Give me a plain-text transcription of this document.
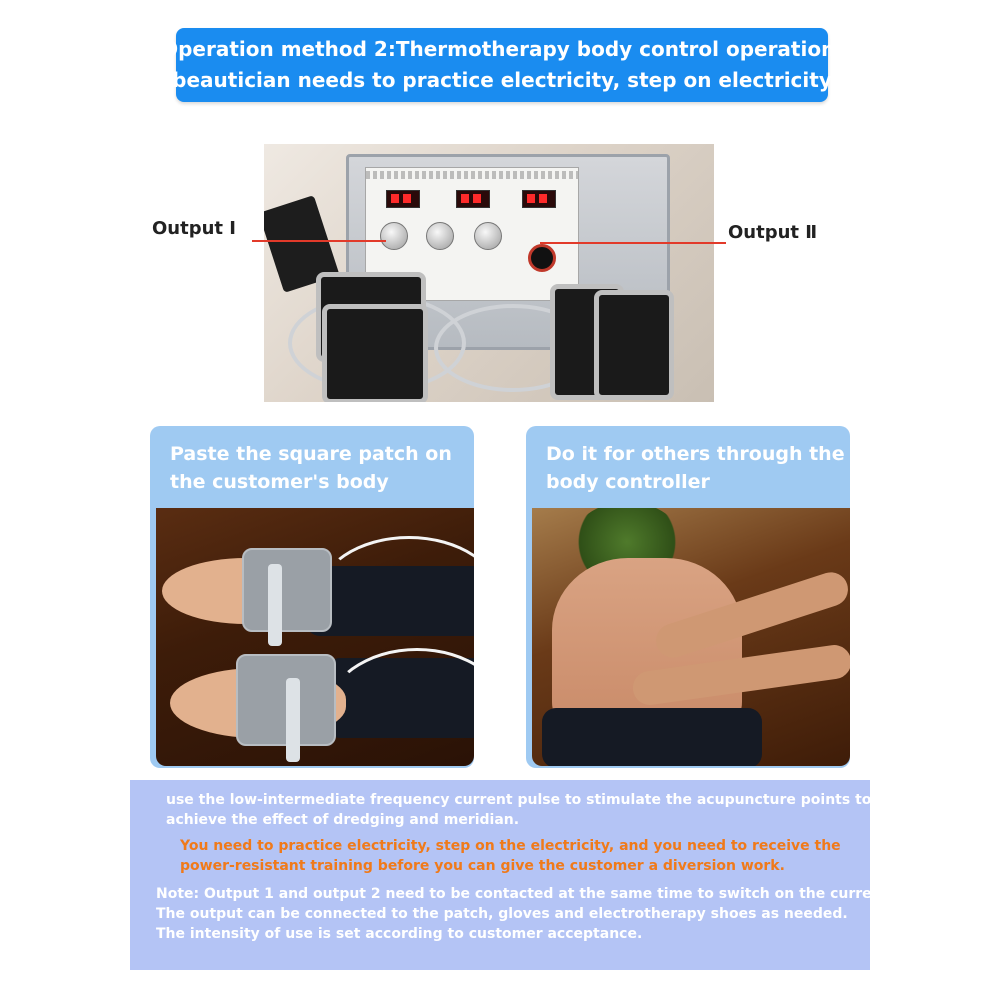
Operation method 2:Thermotherapy body control operation,
beautician needs to practice electricity, step on electricity
Output Ⅰ	Output Ⅱ
Paste the square patch on
the customer's body
Do it for others through the
body controller
use the low-intermediate frequency current pulse to stimulate the acupuncture points to
achieve the effect of dredging and meridian.
You need to practice electricity, step on the electricity, and you need to receive the
power-resistant training before you can give the customer a diversion work.
Note: Output 1 and output 2 need to be contacted at the same time to switch on the current.
The output can be connected to the patch, gloves and electrotherapy shoes as needed.
The intensity of use is set according to customer acceptance.
